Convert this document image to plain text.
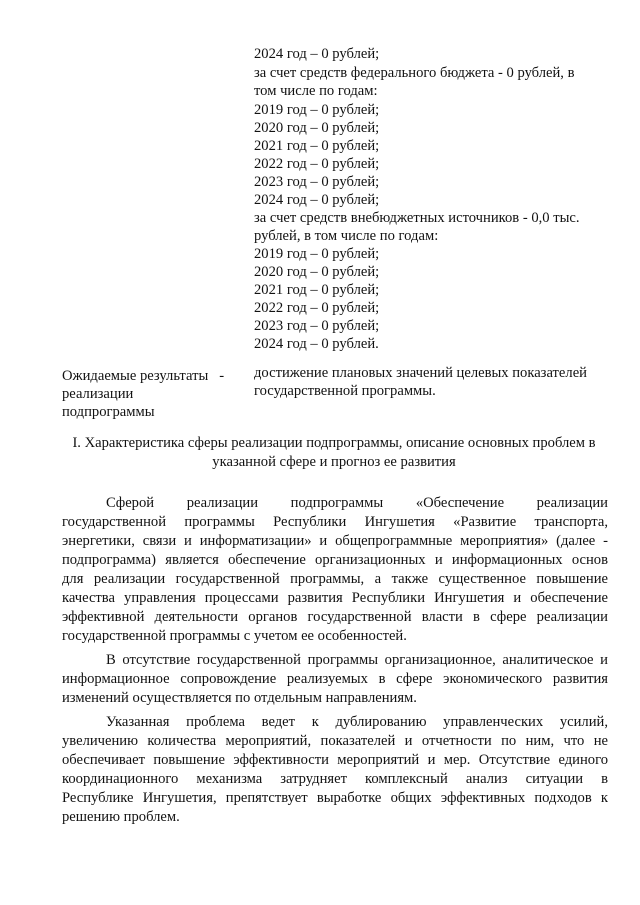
2024 год – 0 рублей;
за счет средств федерального бюджета - 0 рублей, в
том числе по годам:
2019 год – 0 рублей;
2020 год – 0 рублей;
2021 год – 0 рублей;
2022 год – 0 рублей;
2023 год – 0 рублей;
2024 год – 0 рублей;
за счет средств внебюджетных источников - 0,0 тыс.
рублей, в том числе по годам:
2019 год – 0 рублей;
2020 год – 0 рублей;
2021 год – 0 рублей;
2022 год – 0 рублей;
2023 год – 0 рублей;
2024 год – 0 рублей.
Ожидаемые результаты   -
реализации
подпрограммы
достижение плановых значений целевых показателей
государственной программы.
I. Характеристика сферы реализации подпрограммы, описание основных проблем в
указанной сфере и прогноз ее развития
Сферой реализации подпрограммы «Обеспечение реализации
государственной программы Республики Ингушетия «Развитие транспорта,
энергетики, связи и информатизации» и общепрограммные мероприятия» (далее -
подпрограмма) является обеспечение организационных и информационных основ
для реализации государственной программы, а также существенное повышение
качества управления процессами развития Республики Ингушетия и обеспечение
эффективной деятельности органов государственной власти в сфере реализации
государственной программы с учетом ее особенностей.
В отсутствие государственной программы организационное, аналитическое и
информационное сопровождение реализуемых в сфере экономического развития
изменений осуществляется по отдельным направлениям.
Указанная проблема ведет к дублированию управленческих усилий,
увеличению количества мероприятий, показателей и отчетности по ним, что не
обеспечивает повышение эффективности мероприятий и мер. Отсутствие единого
координационного механизма затрудняет комплексный анализ ситуации в
Республике Ингушетия, препятствует выработке общих эффективных подходов к
решению проблем.
